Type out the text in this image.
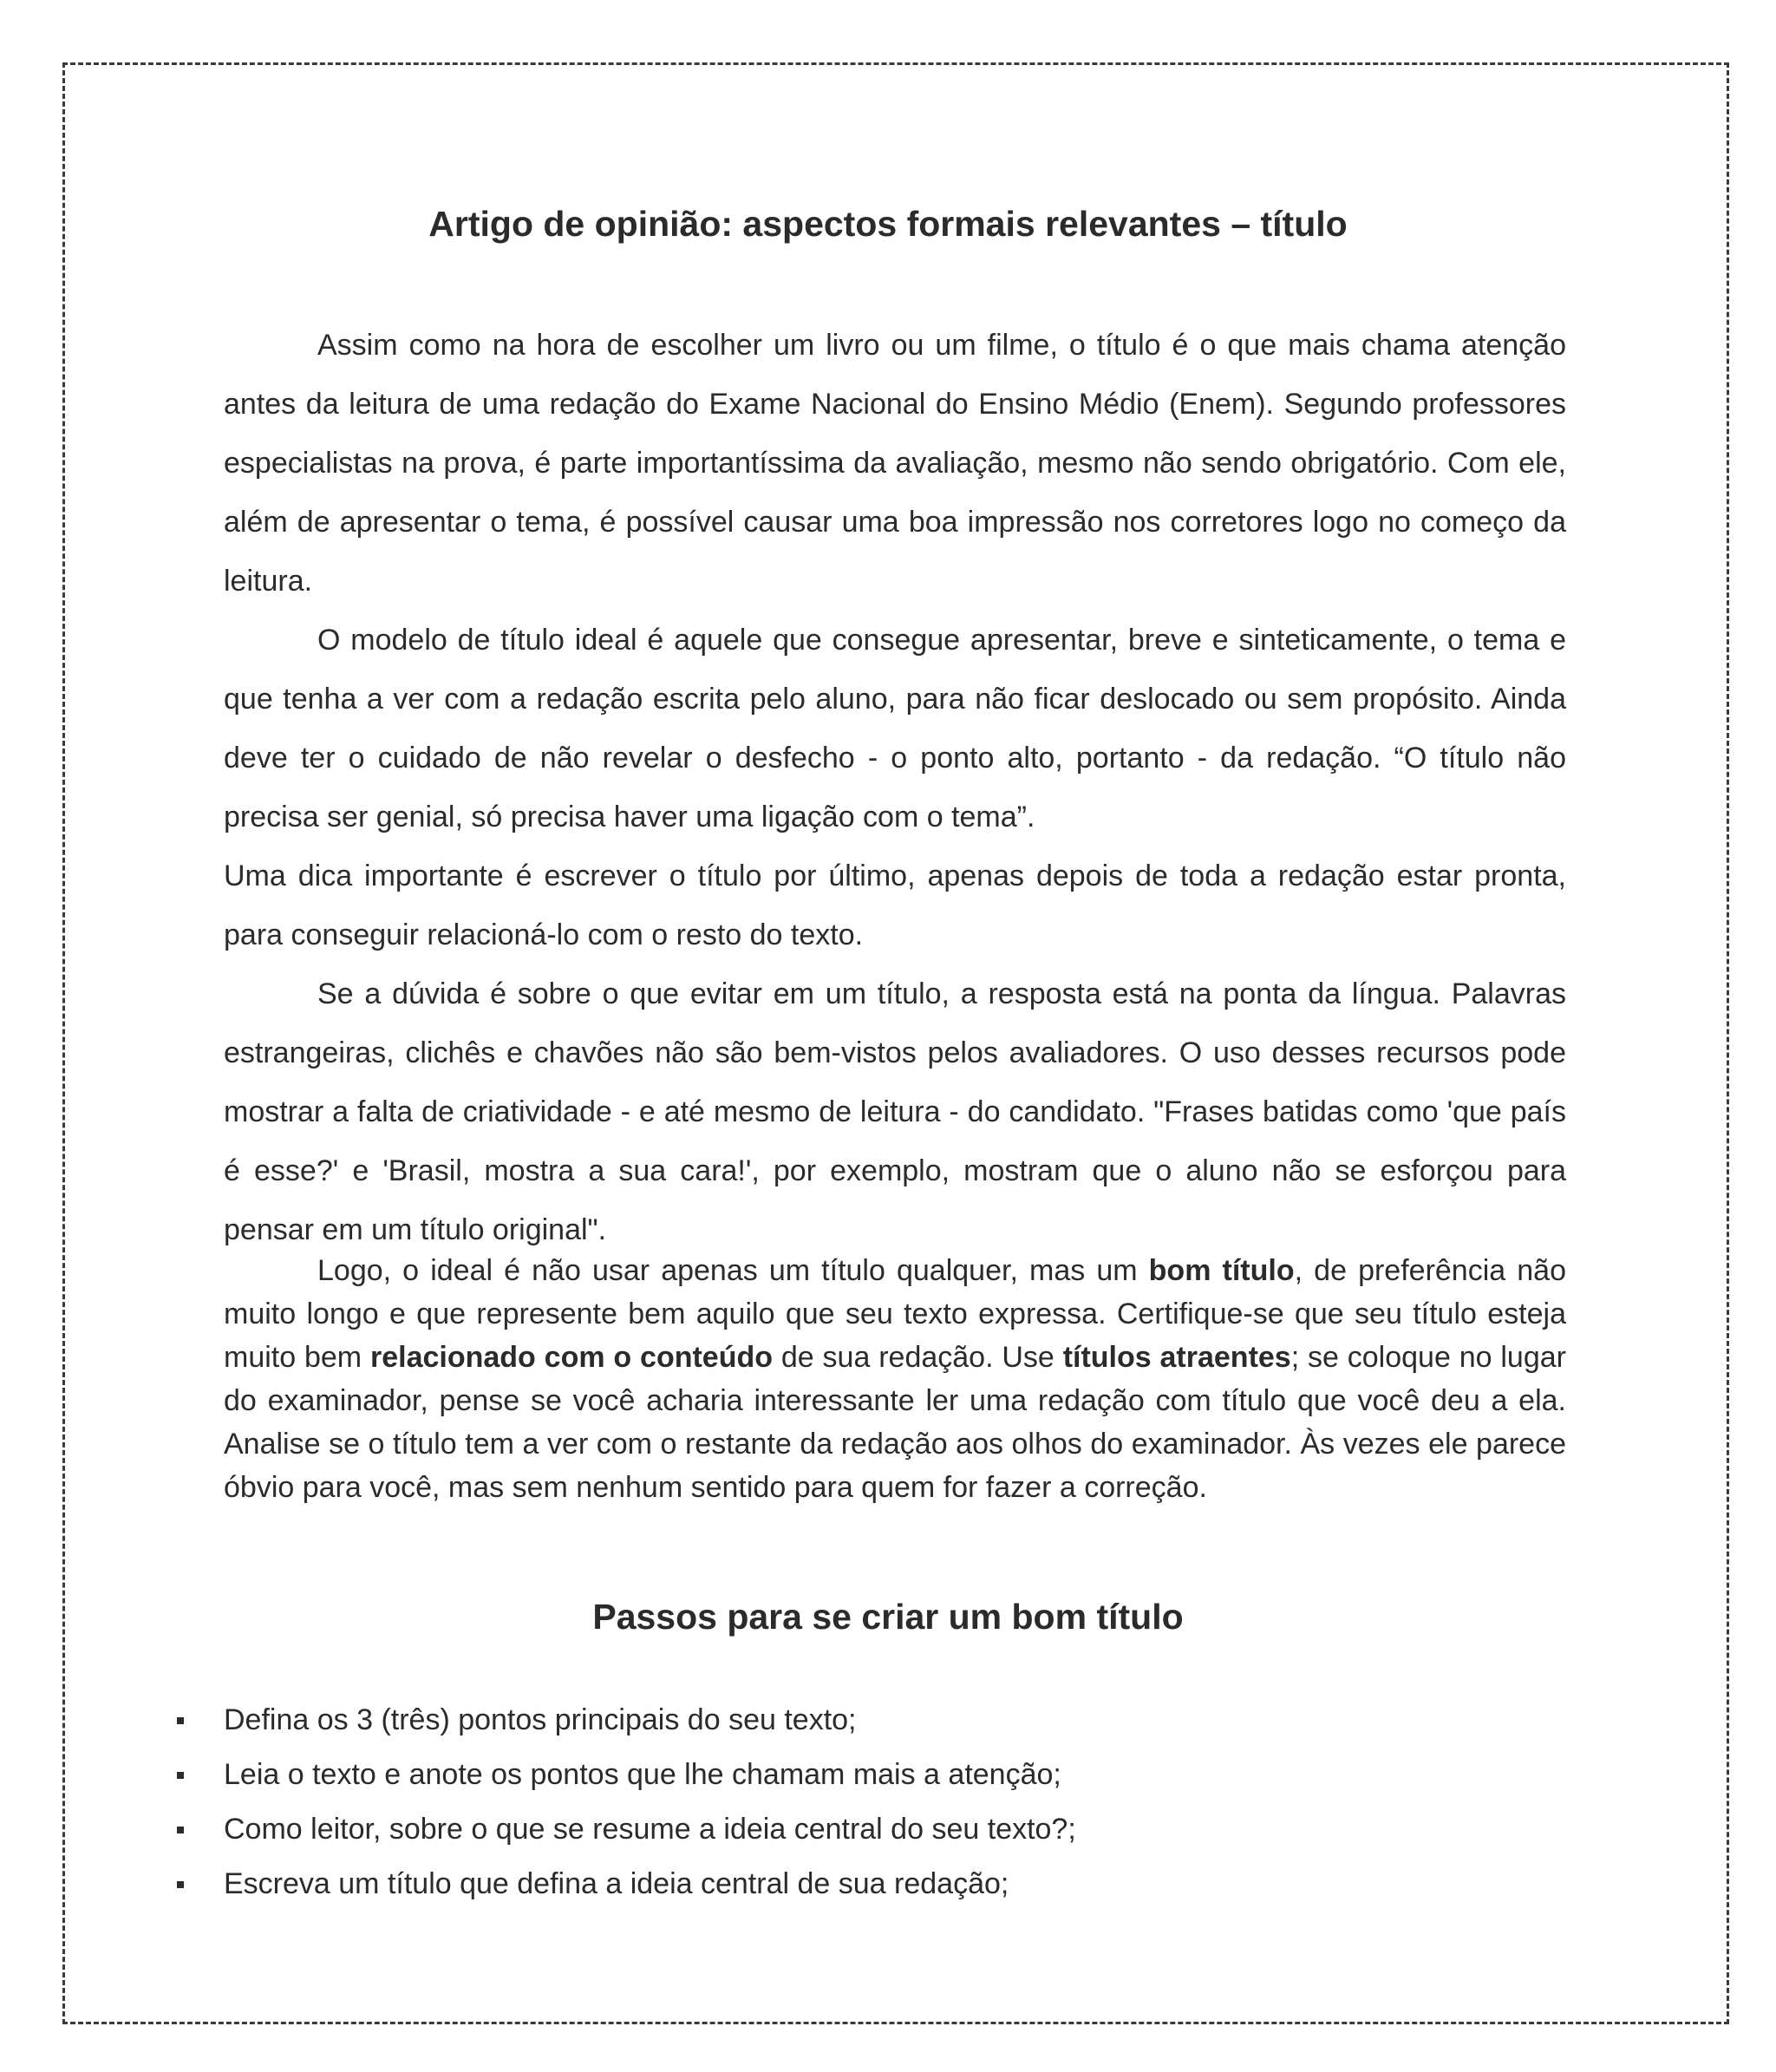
Artigo de opinião: aspectos formais relevantes – título

Assim como na hora de escolher um livro ou um filme, o título é o que mais chama atenção antes da leitura de uma redação do Exame Nacional do Ensino Médio (Enem). Segundo professores especialistas na prova, é parte importantíssima da avaliação, mesmo não sendo obrigatório. Com ele, além de apresentar o tema, é possível causar uma boa impressão nos corretores logo no começo da leitura.

O modelo de título ideal é aquele que consegue apresentar, breve e sinteticamente, o tema e que tenha a ver com a redação escrita pelo aluno, para não ficar deslocado ou sem propósito. Ainda deve ter o cuidado de não revelar o desfecho - o ponto alto, portanto - da redação. “O título não precisa ser genial, só precisa haver uma ligação com o tema”.

Uma dica importante é escrever o título por último, apenas depois de toda a redação estar pronta, para conseguir relacioná-lo com o resto do texto.

Se a dúvida é sobre o que evitar em um título, a resposta está na ponta da língua. Palavras estrangeiras, clichês e chavões não são bem-vistos pelos avaliadores. O uso desses recursos pode mostrar a falta de criatividade - e até mesmo de leitura - do candidato. "Frases batidas como 'que país é esse?' e 'Brasil, mostra a sua cara!', por exemplo, mostram que o aluno não se esforçou para pensar em um título original".

Logo, o ideal é não usar apenas um título qualquer, mas um bom título, de preferência não muito longo e que represente bem aquilo que seu texto expressa. Certifique-se que seu título esteja muito bem relacionado com o conteúdo de sua redação. Use títulos atraentes; se coloque no lugar do examinador, pense se você acharia interessante ler uma redação com título que você deu a ela. Analise se o título tem a ver com o restante da redação aos olhos do examinador. Às vezes ele parece óbvio para você, mas sem nenhum sentido para quem for fazer a correção.

Passos para se criar um bom título
Defina os 3 (três) pontos principais do seu texto;
Leia o texto e anote os pontos que lhe chamam mais a atenção;
Como leitor, sobre o que se resume a ideia central do seu texto?;
Escreva um título que defina a ideia central de sua redação;
